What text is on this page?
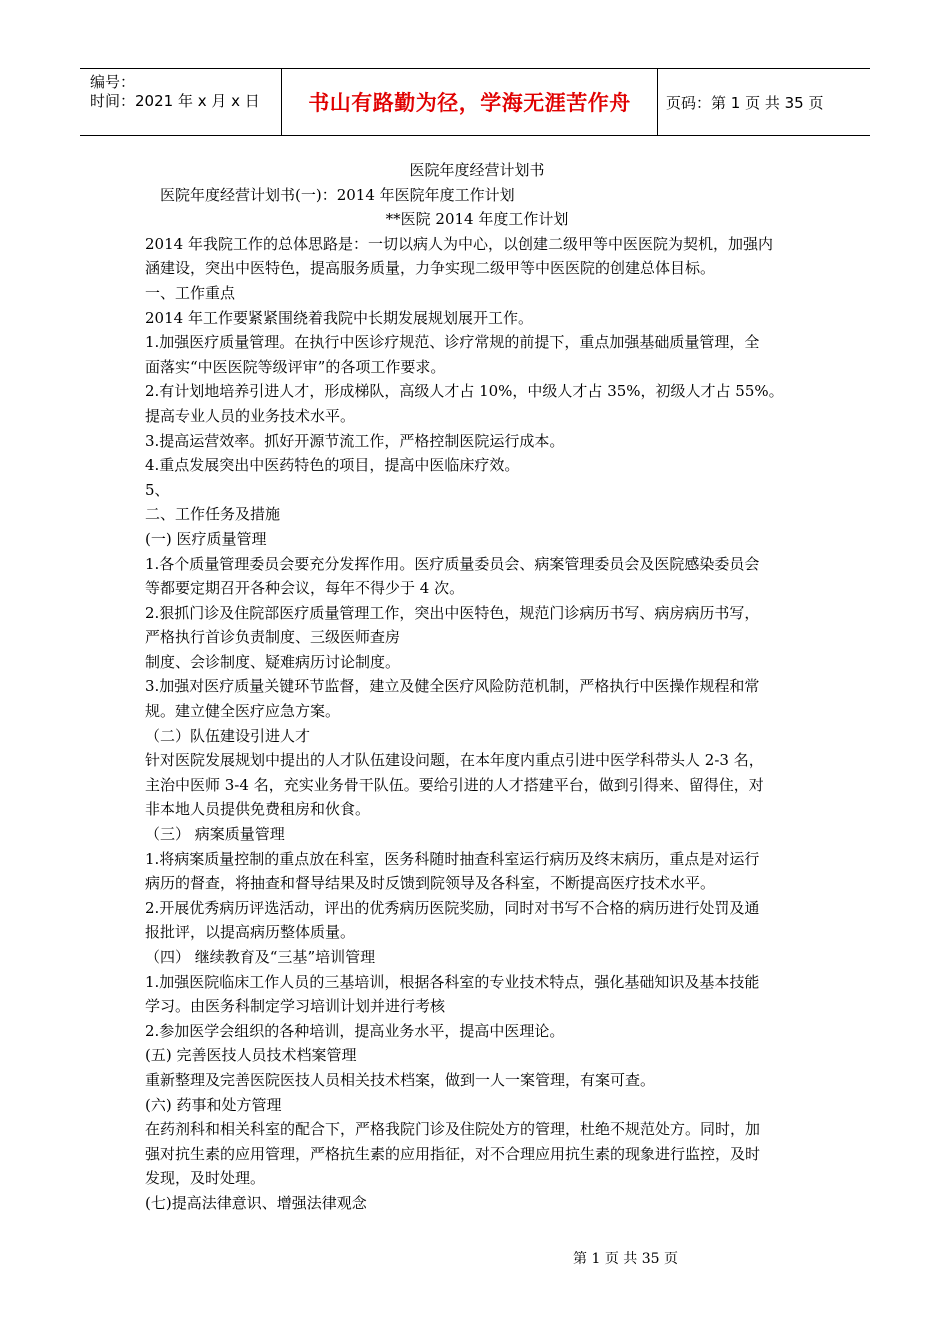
编号：
时间：2021 年 x 月 x 日	书山有路勤为径，学海无涯苦作舟 页码：第 1 页 共 35 页

医院年度经营计划书

医院年度经营计划书(一)：2014 年医院年度工作计划

**医院 2014 年度工作计划

2014 年我院工作的总体思路是：一切以病人为中心，以创建二级甲等中医医院为契机，加强内

涵建设，突出中医特色，提高服务质量，力争实现二级甲等中医医院的创建总体目标。

一、工作重点

2014 年工作要紧紧围绕着我院中长期发展规划展开工作。

1.加强医疗质量管理。在执行中医诊疗规范、诊疗常规的前提下，重点加强基础质量管理，全

面落实“中医医院等级评审”的各项工作要求。

2.有计划地培养引进人才，形成梯队，高级人才占 10%，中级人才占 35%，初级人才占 55%。

提高专业人员的业务技术水平。

3.提高运营效率。抓好开源节流工作，严格控制医院运行成本。

4.重点发展突出中医药特色的项目，提高中医临床疗效。

5、

二、工作任务及措施

(一) 医疗质量管理

1.各个质量管理委员会要充分发挥作用。医疗质量委员会、病案管理委员会及医院感染委员会

等都要定期召开各种会议，每年不得少于 4 次。

2.狠抓门诊及住院部医疗质量管理工作，突出中医特色，规范门诊病历书写、病房病历书写，

严格执行首诊负责制度、三级医师查房

制度、会诊制度、疑难病历讨论制度。

3.加强对医疗质量关键环节监督，建立及健全医疗风险防范机制，严格执行中医操作规程和常

规。建立健全医疗应急方案。

（二）队伍建设引进人才

针对医院发展规划中提出的人才队伍建设问题，在本年度内重点引进中医学科带头人 2-3 名，

主治中医师 3-4 名，充实业务骨干队伍。要给引进的人才搭建平台，做到引得来、留得住，对

非本地人员提供免费租房和伙食。

（三） 病案质量管理

1.将病案质量控制的重点放在科室，医务科随时抽查科室运行病历及终末病历，重点是对运行

病历的督查，将抽查和督导结果及时反馈到院领导及各科室，不断提高医疗技术水平。

2.开展优秀病历评选活动，评出的优秀病历医院奖励，同时对书写不合格的病历进行处罚及通

报批评，以提高病历整体质量。

（四） 继续教育及“三基”培训管理

1.加强医院临床工作人员的三基培训，根据各科室的专业技术特点，强化基础知识及基本技能

学习。由医务科制定学习培训计划并进行考核

2.参加医学会组织的各种培训，提高业务水平，提高中医理论。

(五) 完善医技人员技术档案管理

重新整理及完善医院医技人员相关技术档案，做到一人一案管理，有案可查。

(六) 药事和处方管理

在药剂科和相关科室的配合下，严格我院门诊及住院处方的管理，杜绝不规范处方。同时，加

强对抗生素的应用管理，严格抗生素的应用指征，对不合理应用抗生素的现象进行监控，及时

发现，及时处理。

(七)提高法律意识、增强法律观念

第 1 页 共 35 页
